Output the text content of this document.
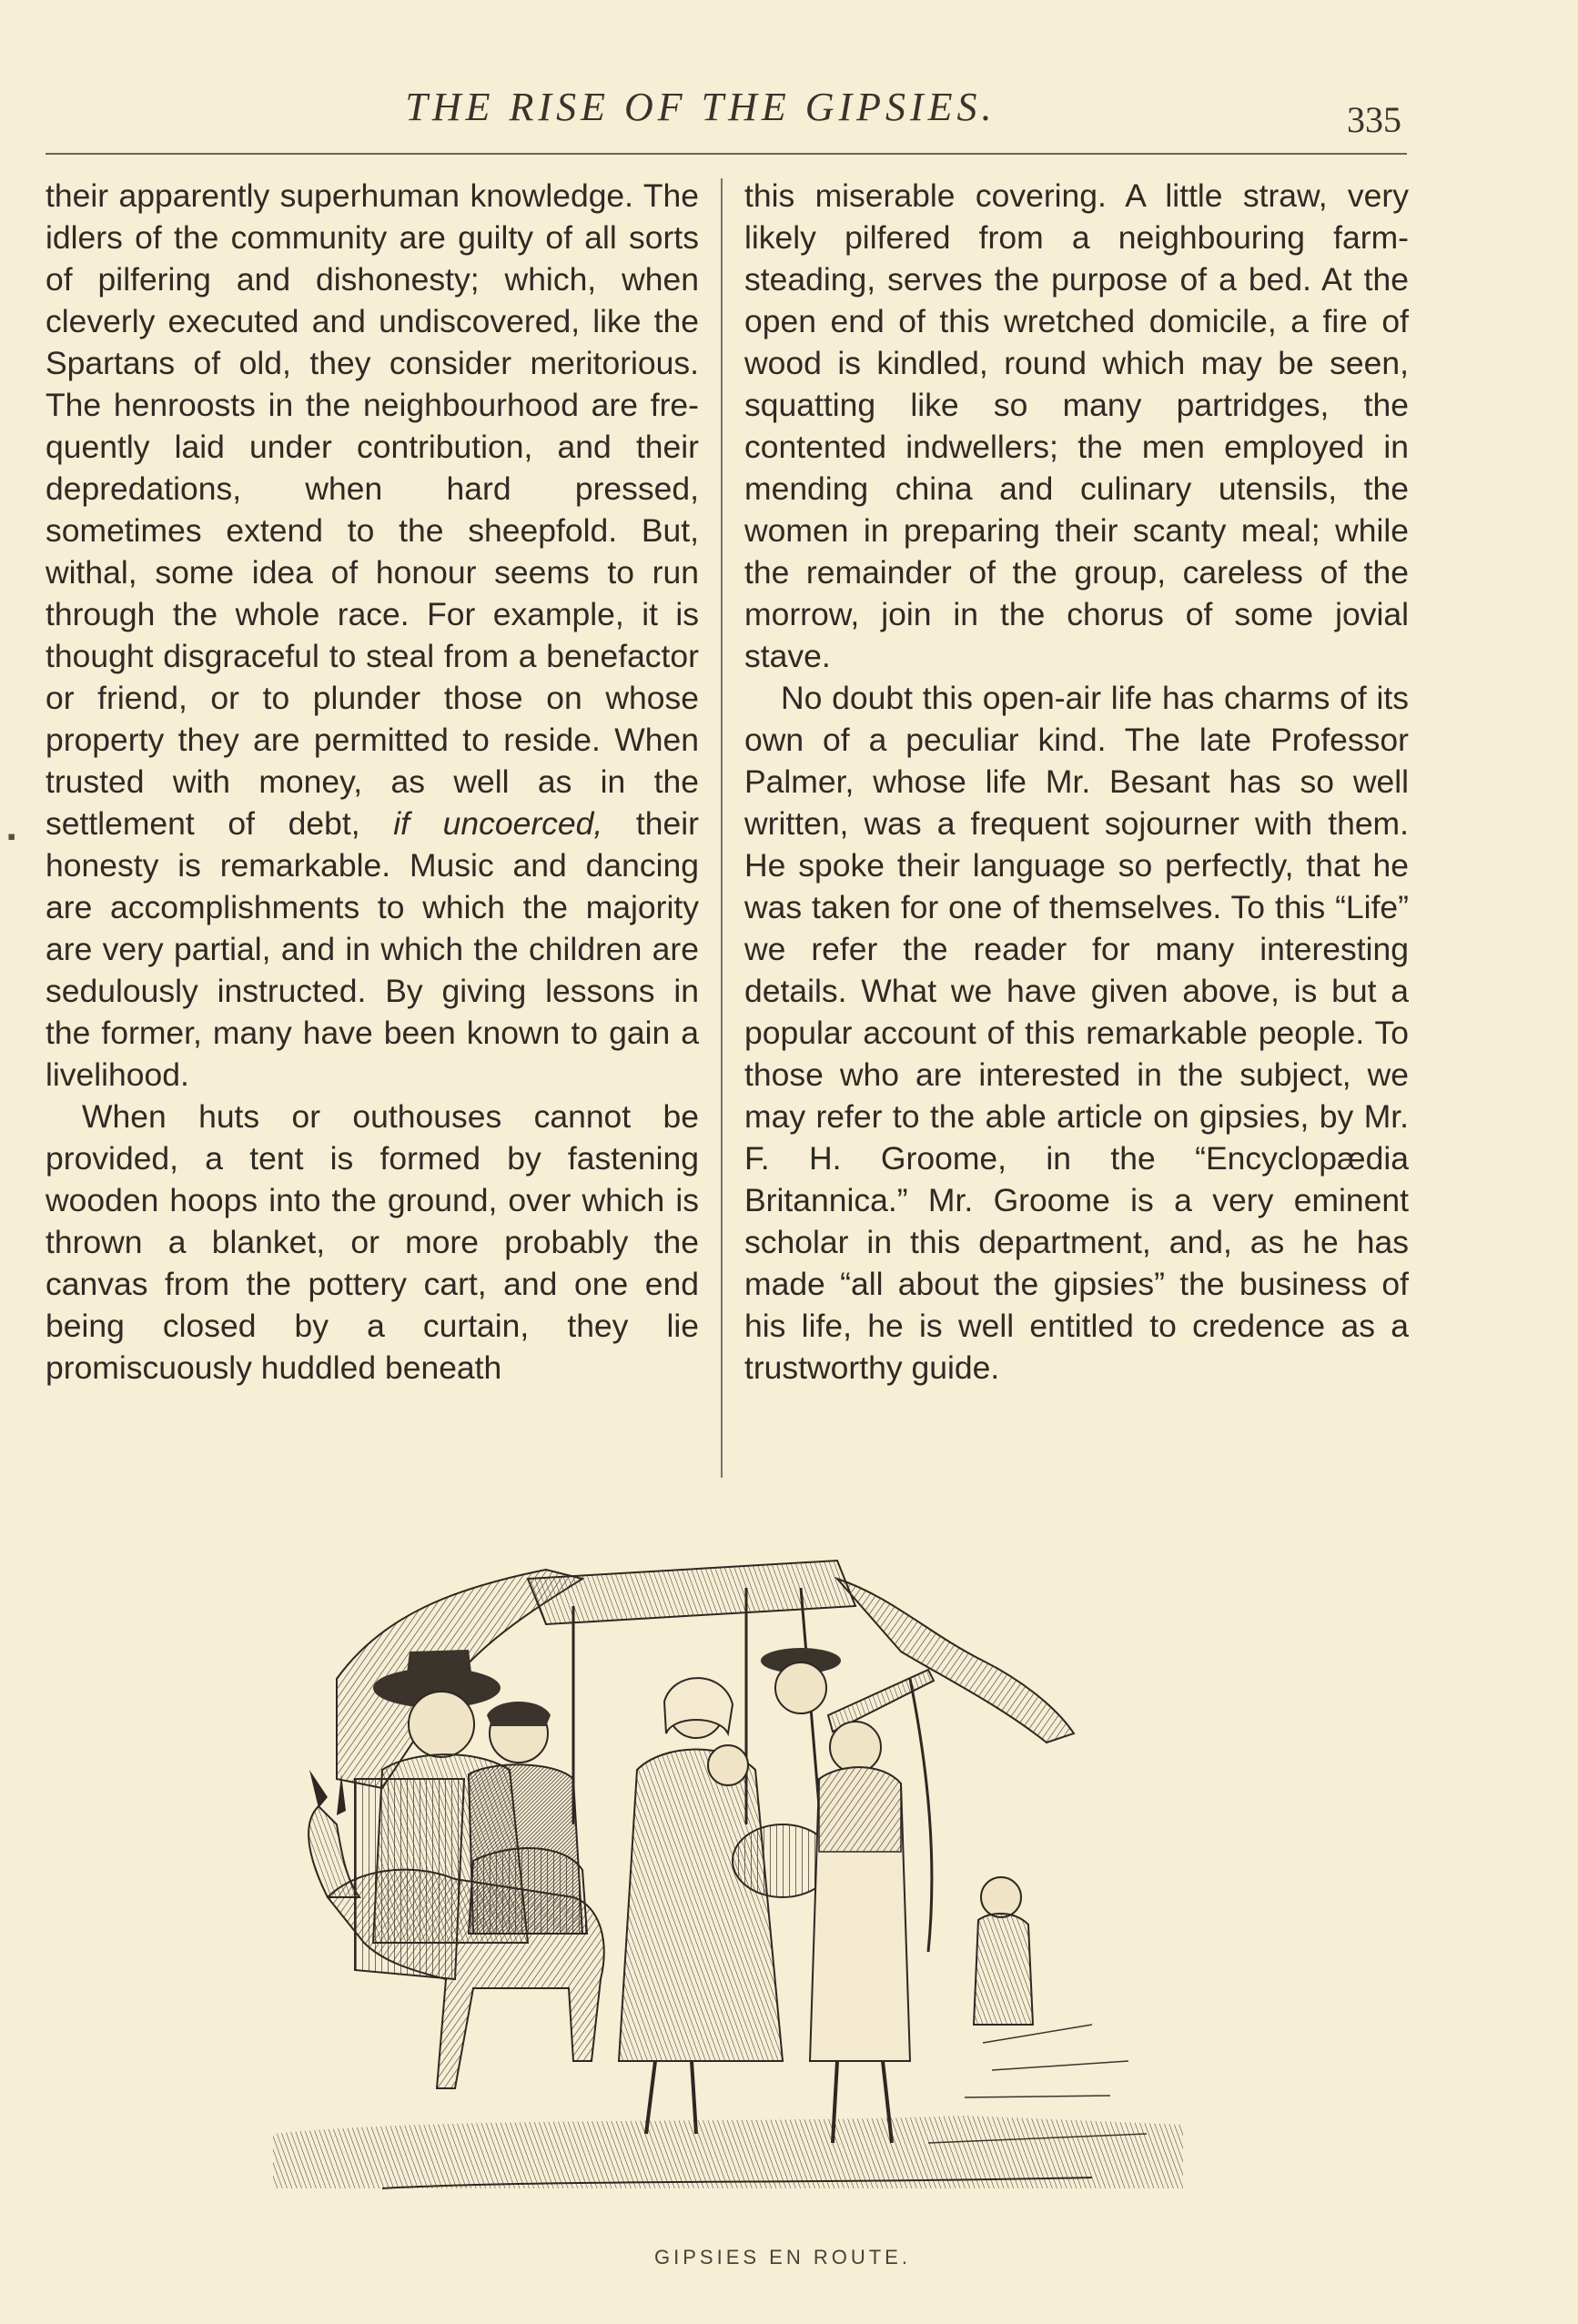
THE RISE OF THE GIPSIES.	335

their apparently superhuman knowledge. The idlers of the community are guilty of all sorts of pilfering and dishonesty; which, when cleverly executed and undiscovered, like the Spartans of old, they consider meritorious. The henroosts in the neighbourhood are frequently laid under contribution, and their depredations, when hard pressed, sometimes extend to the sheepfold. But, withal, some idea of honour seems to run through the whole race. For example, it is thought disgraceful to steal from a benefactor or friend, or to plunder those on whose property they are permitted to reside. When trusted with money, as well as in the settlement of debt, if uncoerced, their honesty is remarkable. Music and dancing are accomplishments to which the majority are very partial, and in which the children are sedulously instructed. By giving lessons in the former, many have been known to gain a livelihood.

When huts or outhouses cannot be provided, a tent is formed by fastening wooden hoops into the ground, over which is thrown a blanket, or more probably the canvas from the pottery cart, and one end being closed by a curtain, they lie promiscuously huddled beneath

this miserable covering. A little straw, very likely pilfered from a neighbouring farm-steading, serves the purpose of a bed. At the open end of this wretched domicile, a fire of wood is kindled, round which may be seen, squatting like so many partridges, the contented indwellers; the men employed in mending china and culinary utensils, the women in preparing their scanty meal; while the remainder of the group, careless of the morrow, join in the chorus of some jovial stave.

No doubt this open-air life has charms of its own of a peculiar kind. The late Professor Palmer, whose life Mr. Besant has so well written, was a frequent sojourner with them. He spoke their language so perfectly, that he was taken for one of themselves. To this “Life” we refer the reader for many interesting details. What we have given above, is but a popular account of this remarkable people. To those who are interested in the subject, we may refer to the able article on gipsies, by Mr. F. H. Groome, in the “Encyclopædia Britannica.” Mr. Groome is a very eminent scholar in this department, and, as he has made “all about the gipsies” the business of his life, he is well entitled to credence as a trustworthy guide.

▪
GIPSIES EN ROUTE.
